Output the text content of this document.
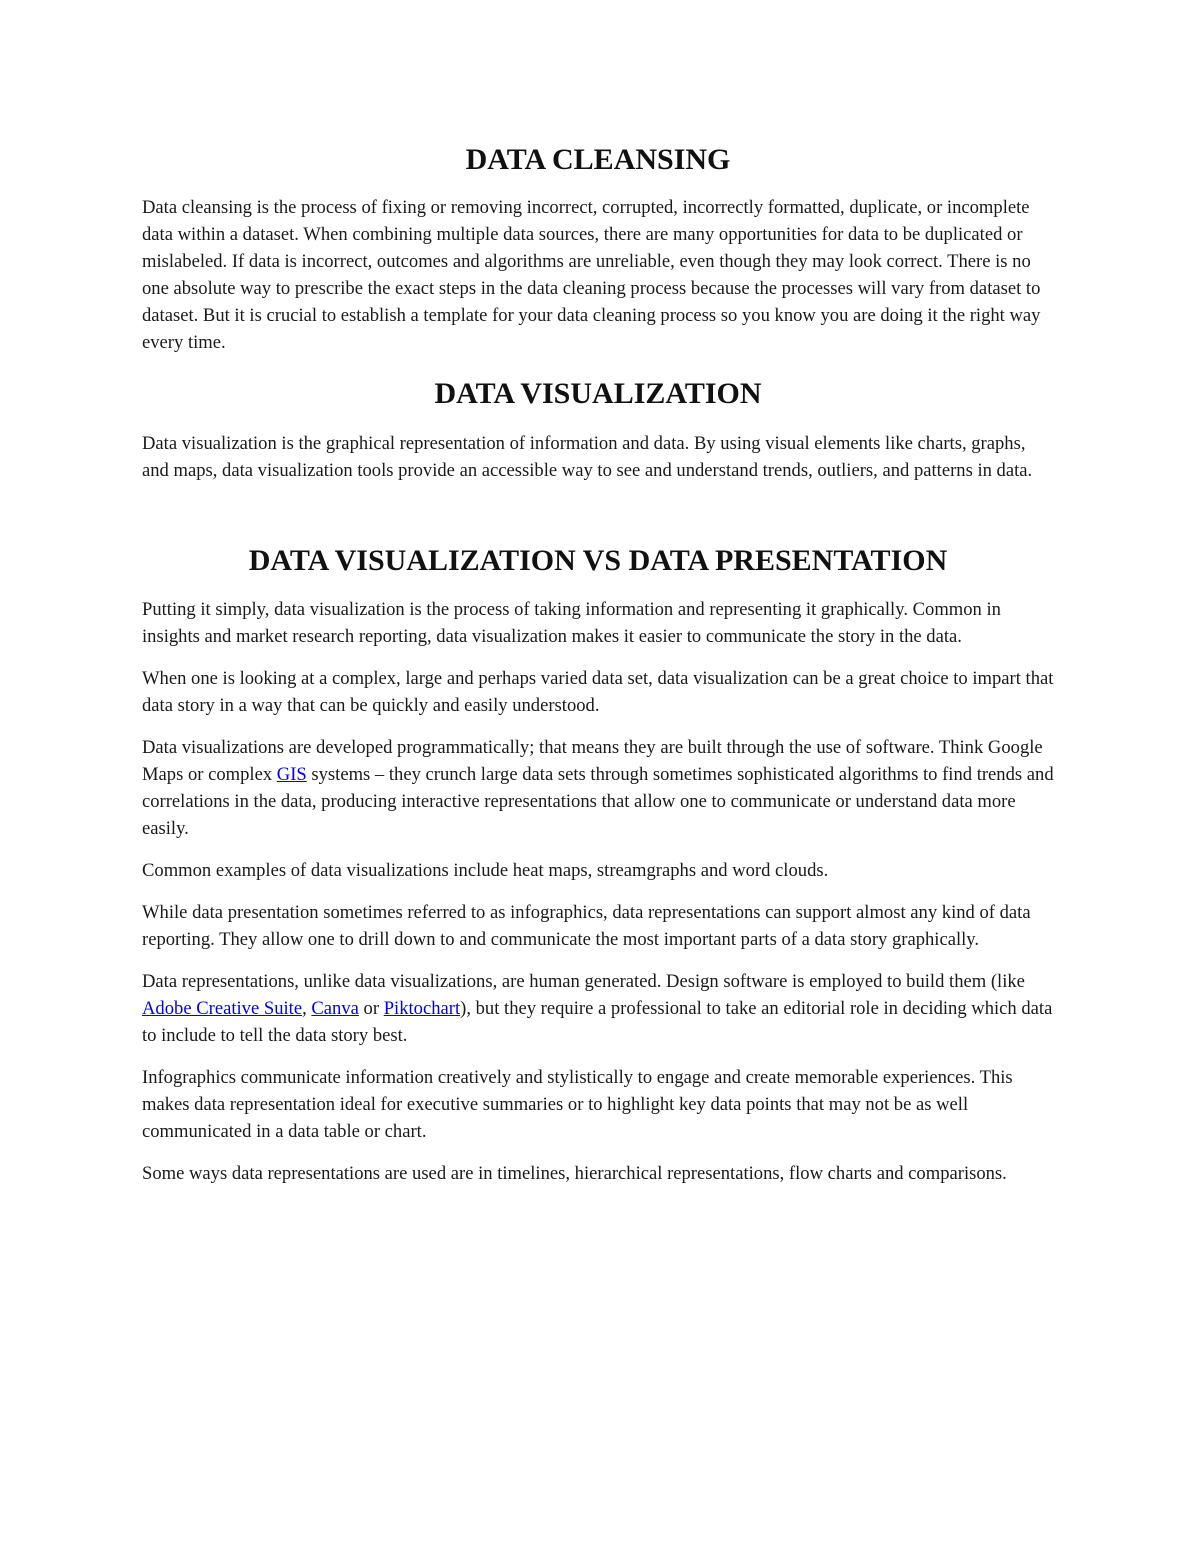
DATA CLEANSING

Data cleansing is the process of fixing or removing incorrect, corrupted, incorrectly formatted, duplicate, or incomplete data within a dataset. When combining multiple data sources, there are many opportunities for data to be duplicated or mislabeled. If data is incorrect, outcomes and algorithms are unreliable, even though they may look correct. There is no one absolute way to prescribe the exact steps in the data cleaning process because the processes will vary from dataset to dataset. But it is crucial to establish a template for your data cleaning process so you know you are doing it the right way every time.

DATA VISUALIZATION

Data visualization is the graphical representation of information and data. By using visual elements like charts, graphs, and maps, data visualization tools provide an accessible way to see and understand trends, outliers, and patterns in data.

DATA VISUALIZATION VS DATA PRESENTATION

Putting it simply, data visualization is the process of taking information and representing it graphically. Common in insights and market research reporting, data visualization makes it easier to communicate the story in the data.

When one is looking at a complex, large and perhaps varied data set, data visualization can be a great choice to impart that data story in a way that can be quickly and easily understood.

Data visualizations are developed programmatically; that means they are built through the use of software. Think Google Maps or complex GIS systems – they crunch large data sets through sometimes sophisticated algorithms to find trends and correlations in the data, producing interactive representations that allow one to communicate or understand data more easily.

Common examples of data visualizations include heat maps, streamgraphs and word clouds.

While data presentation sometimes referred to as infographics, data representations can support almost any kind of data reporting. They allow one to drill down to and communicate the most important parts of a data story graphically.

Data representations, unlike data visualizations, are human generated. Design software is employed to build them (like Adobe Creative Suite, Canva or Piktochart), but they require a professional to take an editorial role in deciding which data to include to tell the data story best.

Infographics communicate information creatively and stylistically to engage and create memorable experiences. This makes data representation ideal for executive summaries or to highlight key data points that may not be as well communicated in a data table or chart.

Some ways data representations are used are in timelines, hierarchical representations, flow charts and comparisons.
